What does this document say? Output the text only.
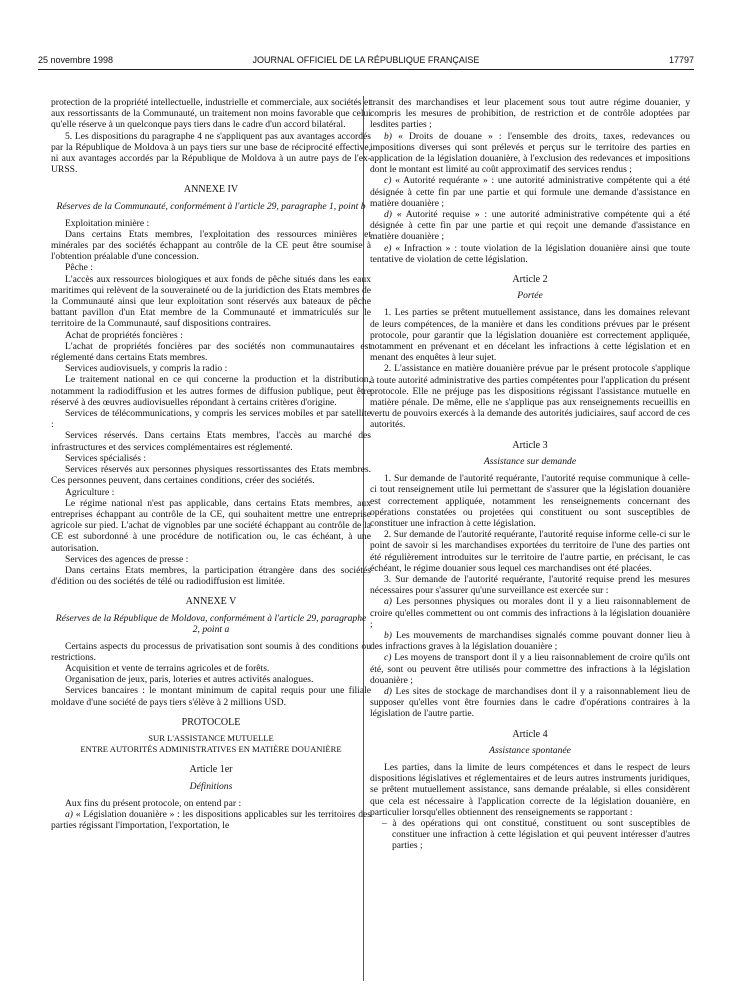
25 novembre 1998	JOURNAL OFFICIEL DE LA RÉPUBLIQUE FRANÇAISE	17797

protection de la propriété intellectuelle, industrielle et commerciale, aux sociétés et aux ressortissants de la Communauté, un traitement non moins favorable que celui qu'elle réserve à un quelconque pays tiers dans le cadre d'un accord bilatéral.

5. Les dispositions du paragraphe 4 ne s'appliquent pas aux avantages accordés par la République de Moldova à un pays tiers sur une base de réciprocité effective, ni aux avantages accordés par la République de Moldova à un autre pays de l'ex-URSS.

ANNEXE IV
Réserves de la Communauté, conformément à l'article 29, paragraphe 1, point b

Exploitation minière :

Dans certains Etats membres, l'exploitation des ressources minières et minérales par des sociétés échappant au contrôle de la CE peut être soumise à l'obtention préalable d'une concession.

Pêche :

L'accès aux ressources biologiques et aux fonds de pêche situés dans les eaux maritimes qui relèvent de la souveraineté ou de la juridiction des Etats membres de la Communauté ainsi que leur exploitation sont réservés aux bateaux de pêche battant pavillon d'un Etat membre de la Communauté et immatriculés sur le territoire de la Communauté, sauf dispositions contraires.

Achat de propriétés foncières :

L'achat de propriétés foncières par des sociétés non communautaires est réglementé dans certains Etats membres.

Services audiovisuels, y compris la radio :

Le traitement national en ce qui concerne la production et la distribution, notamment la radiodiffusion et les autres formes de diffusion publique, peut être réservé à des œuvres audiovisuelles répondant à certains critères d'origine.

Services de télécommunications, y compris les services mobiles et par satellite :

Services réservés. Dans certains Etats membres, l'accès au marché des infrastructures et des services complémentaires est réglementé.

Services spécialisés :

Services réservés aux personnes physiques ressortissantes des Etats membres. Ces personnes peuvent, dans certaines conditions, créer des sociétés.

Agriculture :

Le régime national n'est pas applicable, dans certains Etats membres, aux entreprises échappant au contrôle de la CE, qui souhaitent mettre une entreprise agricole sur pied. L'achat de vignobles par une société échappant au contrôle de la CE est subordonné à une procédure de notification ou, le cas échéant, à une autorisation.

Services des agences de presse :

Dans certains Etats membres, la participation étrangère dans des sociétés d'édition ou des sociétés de télé ou radiodiffusion est limitée.

ANNEXE V
Réserves de la République de Moldova, conformément à l'article 29, paragraphe 2, point a

Certains aspects du processus de privatisation sont soumis à des conditions ou restrictions.

Acquisition et vente de terrains agricoles et de forêts.

Organisation de jeux, paris, loteries et autres activités analogues.

Services bancaires : le montant minimum de capital requis pour une filiale moldave d'une société de pays tiers s'élève à 2 millions USD.

PROTOCOLE
SUR L'ASSISTANCE MUTUELLE
ENTRE AUTORITÉS ADMINISTRATIVES EN MATIÈRE DOUANIÈRE
Article 1er
Définitions

Aux fins du présent protocole, on entend par :

a) « Législation douanière » : les dispositions applicables sur les territoires des parties régissant l'importation, l'exportation, le

transit des marchandises et leur placement sous tout autre régime douanier, y compris les mesures de prohibition, de restriction et de contrôle adoptées par lesdites parties ;

b) « Droits de douane » : l'ensemble des droits, taxes, redevances ou impositions diverses qui sont prélevés et perçus sur le territoire des parties en application de la législation douanière, à l'exclusion des redevances et impositions dont le montant est limité au coût approximatif des services rendus ;

c) « Autorité requérante » : une autorité administrative compétente qui a été désignée à cette fin par une partie et qui formule une demande d'assistance en matière douanière ;

d) « Autorité requise » : une autorité administrative compétente qui a été désignée à cette fin par une partie et qui reçoit une demande d'assistance en matière douanière ;

e) « Infraction » : toute violation de la législation douanière ainsi que toute tentative de violation de cette législation.

Article 2
Portée

1. Les parties se prêtent mutuellement assistance, dans les domaines relevant de leurs compétences, de la manière et dans les conditions prévues par le présent protocole, pour garantir que la législation douanière est correctement appliquée, notamment en prévenant et en décelant les infractions à cette législation et en menant des enquêtes à leur sujet.

2. L'assistance en matière douanière prévue par le présent protocole s'applique à toute autorité administrative des parties compétentes pour l'application du présent protocole. Elle ne préjuge pas les dispositions régissant l'assistance mutuelle en matière pénale. De même, elle ne s'applique pas aux renseignements recueillis en vertu de pouvoirs exercés à la demande des autorités judiciaires, sauf accord de ces autorités.

Article 3
Assistance sur demande

1. Sur demande de l'autorité requérante, l'autorité requise communique à celle-ci tout renseignement utile lui permettant de s'assurer que la législation douanière est correctement appliquée, notamment les renseignements concernant des opérations constatées ou projetées qui constituent ou sont susceptibles de constituer une infraction à cette législation.

2. Sur demande de l'autorité requérante, l'autorité requise informe celle-ci sur le point de savoir si les marchandises exportées du territoire de l'une des parties ont été régulièrement introduites sur le territoire de l'autre partie, en précisant, le cas échéant, le régime douanier sous lequel ces marchandises ont été placées.

3. Sur demande de l'autorité requérante, l'autorité requise prend les mesures nécessaires pour s'assurer qu'une surveillance est exercée sur :

a) Les personnes physiques ou morales dont il y a lieu raisonnablement de croire qu'elles commettent ou ont commis des infractions à la législation douanière ;

b) Les mouvements de marchandises signalés comme pouvant donner lieu à des infractions graves à la législation douanière ;

c) Les moyens de transport dont il y a lieu raisonnablement de croire qu'ils ont été, sont ou peuvent être utilisés pour commettre des infractions à la législation douanière ;

d) Les sites de stockage de marchandises dont il y a raisonnablement lieu de supposer qu'elles vont être fournies dans le cadre d'opérations contraires à la législation de l'autre partie.

Article 4
Assistance spontanée

Les parties, dans la limite de leurs compétences et dans le respect de leurs dispositions législatives et réglementaires et de leurs autres instruments juridiques, se prêtent mutuellement assistance, sans demande préalable, si elles considèrent que cela est nécessaire à l'application correcte de la législation douanière, en particulier lorsqu'elles obtiennent des renseignements se rapportant :

– à des opérations qui ont constitué, constituent ou sont susceptibles de constituer une infraction à cette législation et qui peuvent intéresser d'autres parties ;
